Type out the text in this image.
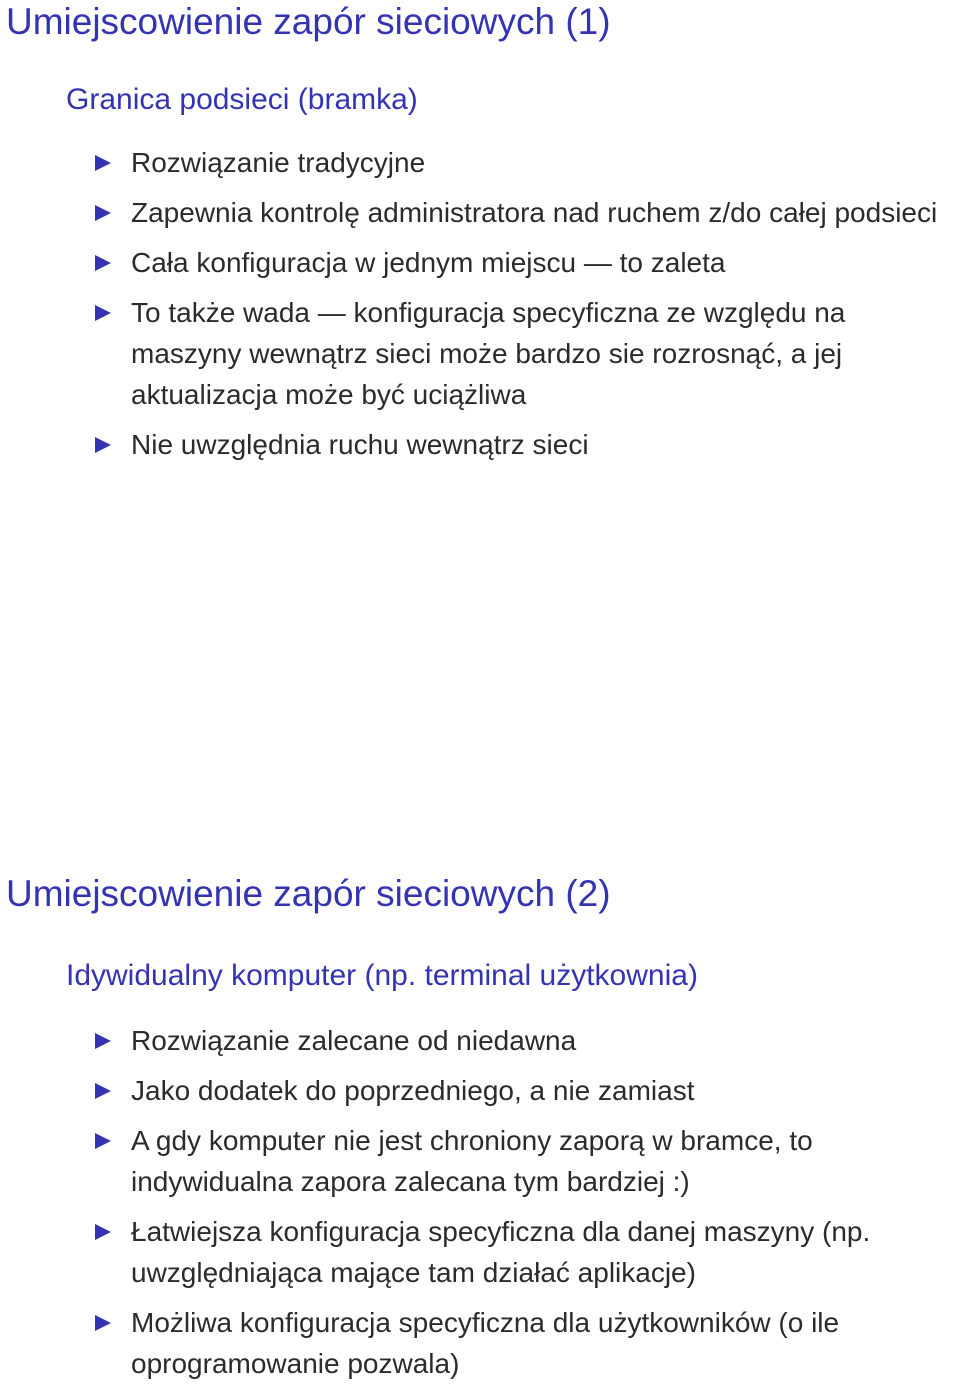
Umiejscowienie zapór sieciowych (1)
Granica podsieci (bramka)
Rozwiązanie tradycyjne
Zapewnia kontrolę administratora nad ruchem z/do całej podsieci
Cała konfiguracja w jednym miejscu — to zaleta
To także wada — konfiguracja specyficzna ze względu na maszyny wewnątrz sieci może bardzo sie rozrosnąć, a jej aktualizacja może być uciążliwa
Nie uwzględnia ruchu wewnątrz sieci
Umiejscowienie zapór sieciowych (2)
Idywidualny komputer (np. terminal użytkownia)
Rozwiązanie zalecane od niedawna
Jako dodatek do poprzedniego, a nie zamiast
A gdy komputer nie jest chroniony zaporą w bramce, to indywidualna zapora zalecana tym bardziej :)
Łatwiejsza konfiguracja specyficzna dla danej maszyny (np. uwzględniająca mające tam działać aplikacje)
Możliwa konfiguracja specyficzna dla użytkowników (o ile oprogramowanie pozwala)
